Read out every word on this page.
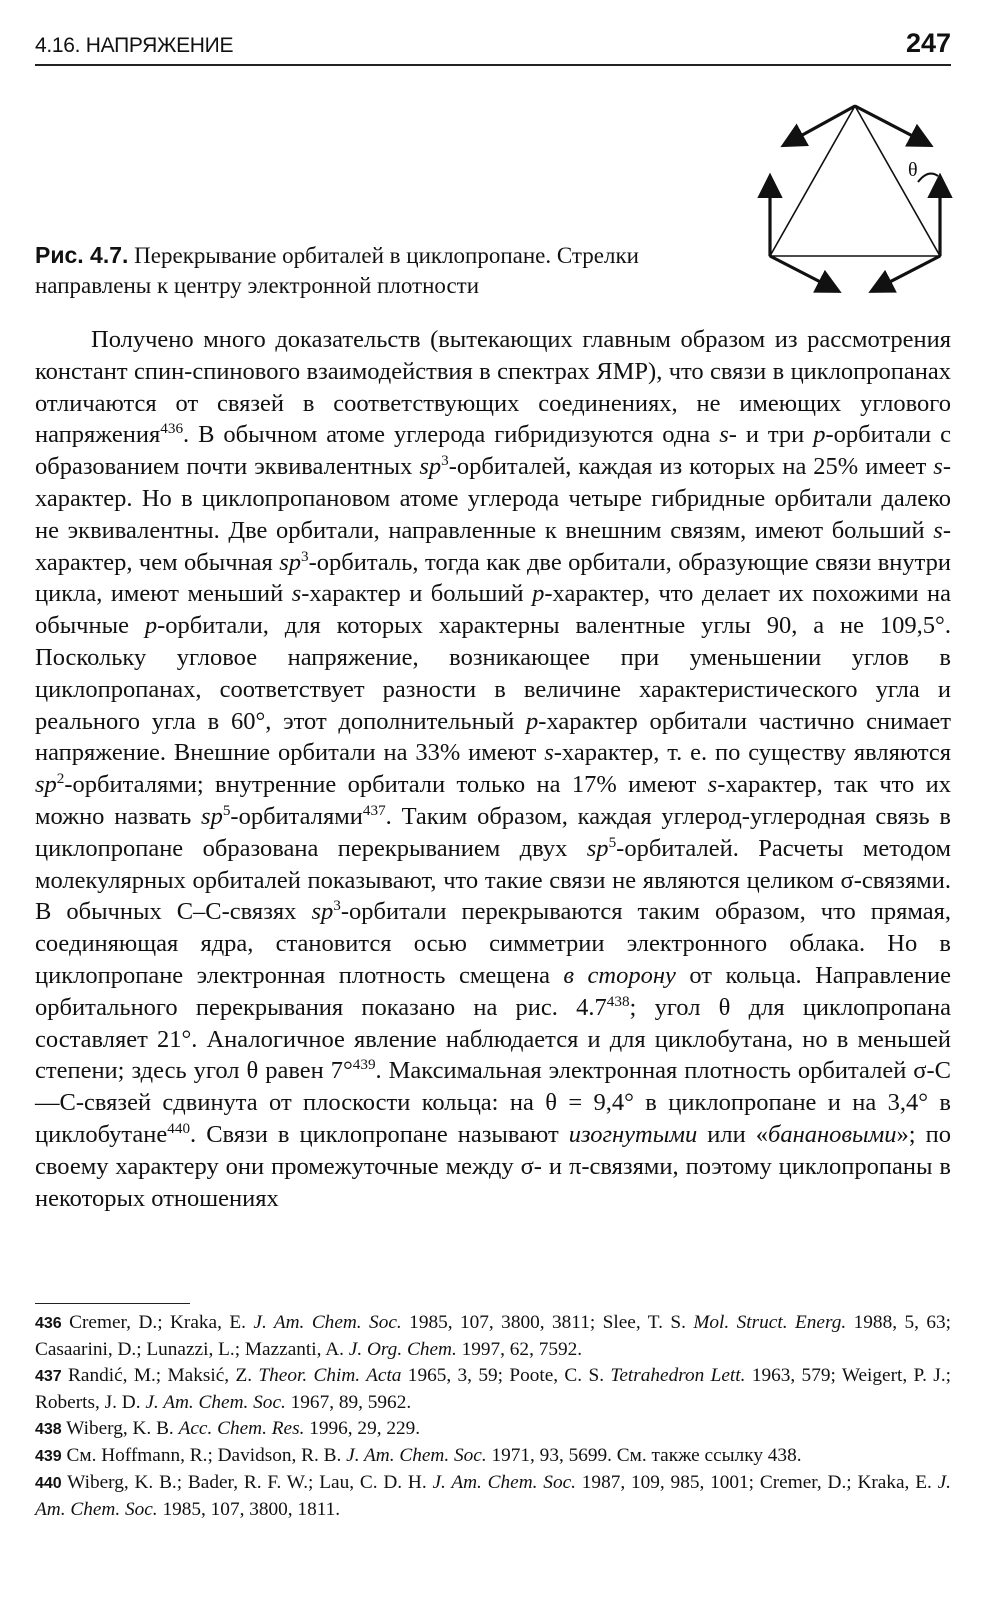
4.16. НАПРЯЖЕНИЕ	247
θ
Рис. 4.7. Перекрывание орбиталей в циклопропане. Стрелки направлены к центру электронной плотности

Получено много доказательств (вытекающих главным образом из рассмотрения констант спин-спинового взаимодействия в спектрах ЯМР), что связи в циклопропанах отличаются от связей в соответствующих соединениях, не имеющих углового напряжения$^{436}$. В обычном атоме углерода гибридизуются одна s- и три p-орбитали с образованием почти эквивалентных $sp^3$-орбиталей, каждая из которых на 25% имеет s-характер. Но в циклопропановом атоме углерода четыре гибридные орбитали далеко не эквивалентны. Две орбитали, направленные к внешним связям, имеют больший s-характер, чем обычная $sp^3$-орбиталь, тогда как две орбитали, образующие связи внутри цикла, имеют меньший s-характер и больший p-характер, что делает их похожими на обычные p-орбитали, для которых характерны валентные углы 90, а не 109,5°. Поскольку угловое напряжение, возникающее при уменьшении углов в циклопропанах, соответствует разности в величине характеристического угла и реального угла в 60°, этот дополнительный p-характер орбитали частично снимает напряжение. Внешние орбитали на 33% имеют s-характер, т. е. по существу являются $sp^2$-орбиталями; внутренние орбитали только на 17% имеют s-характер, так что их можно назвать $sp^5-орбиталями^{437}$. Таким образом, каждая углерод-углеродная связь в циклопропане образована перекрыванием двух $sp^5$-орбиталей. Расчеты методом молекулярных орбиталей показывают, что такие связи не являются целиком σ-связями. В обычных С–С-связях $sp^3$-орбитали перекрываются таким образом, что прямая, соединяющая ядра, становится осью симметрии электронного облака. Но в циклопропане электронная плотность смещена в сторону от кольца. Направление орбитального перекрывания показано на рис. $4.7^{438}$; угол θ для циклопропана составляет 21°. Аналогичное явление наблюдается и для циклобутана, но в меньшей степени; здесь угол θ равен 7°$^{439}$. Максимальная электронная плотность орбиталей σ-С—С-связей сдвинута от плоскости кольца: на θ = 9,4° в циклопропане и на 3,4° в циклобутане$^{440}$. Связи в циклопропане называют изогнутыми или «банановыми»; по своему характеру они промежуточные между σ- и π-связями, поэтому циклопропаны в некоторых отношениях

436 Cremer, D.; Kraka, E. J. Am. Chem. Soc. 1985, 107, 3800, 3811; Slee, T. S. Mol. Struct. Energ. 1988, 5, 63; Casaarini, D.; Lunazzi, L.; Mazzanti, A. J. Org. Chem. 1997, 62, 7592.

437 Randić, M.; Maksić, Z. Theor. Chim. Acta 1965, 3, 59; Poote, C. S. Tetrahedron Lett. 1963, 579; Weigert, P. J.; Roberts, J. D. J. Am. Chem. Soc. 1967, 89, 5962.

438 Wiberg, K. B. Acc. Chem. Res. 1996, 29, 229.

439 См. Hoffmann, R.; Davidson, R. B. J. Am. Chem. Soc. 1971, 93, 5699. См. также ссылку 438.

440 Wiberg, K. B.; Bader, R. F. W.; Lau, C. D. H. J. Am. Chem. Soc. 1987, 109, 985, 1001; Cremer, D.; Kraka, E. J. Am. Chem. Soc. 1985, 107, 3800, 1811.
